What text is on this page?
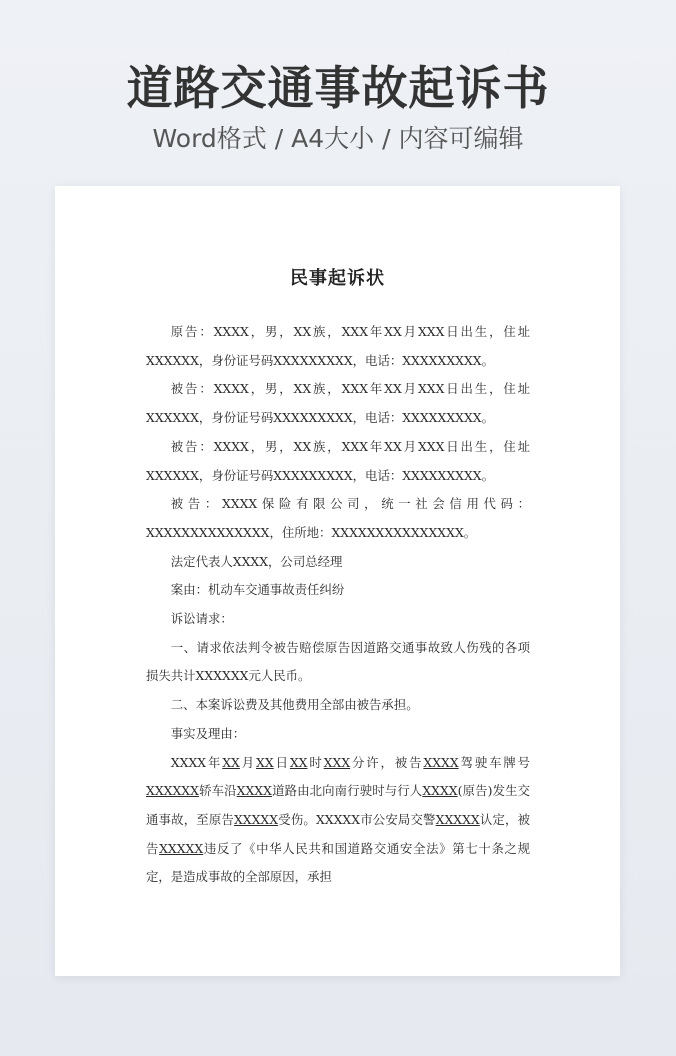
道路交通事故起诉书
Word格式 / A4大小 / 内容可编辑
民事起诉状

原告：XXXX，男，XX族，XXX年XX月XXX日出生，住址XXXXXX，身份证号码XXXXXXXXX，电话：XXXXXXXXX。

被告：XXXX，男，XX族，XXX年XX月XXX日出生，住址XXXXXX，身份证号码XXXXXXXXX，电话：XXXXXXXXX。

被告：XXXX，男，XX族，XXX年XX月XXX日出生，住址XXXXXX，身份证号码XXXXXXXXX，电话：XXXXXXXXX。

被告：XXXX保险有限公司，统一社会信用代码：XXXXXXXXXXXXXX，住所地：XXXXXXXXXXXXXXX。

法定代表人XXXX，公司总经理

案由：机动车交通事故责任纠纷

诉讼请求：

一、请求依法判令被告赔偿原告因道路交通事故致人伤残的各项损失共计XXXXXX元人民币。

二、本案诉讼费及其他费用全部由被告承担。

事实及理由：

XXXX年XX月XX日XX时XXX分许，被告XXXX驾驶车牌号XXXXXX轿车沿XXXX道路由北向南行驶时与行人XXXX(原告)发生交通事故，至原告XXXXX受伤。XXXXX市公安局交警XXXXX认定，被告XXXXX违反了《中华人民共和国道路交通安全法》第七十条之规定，是造成事故的全部原因，承担
